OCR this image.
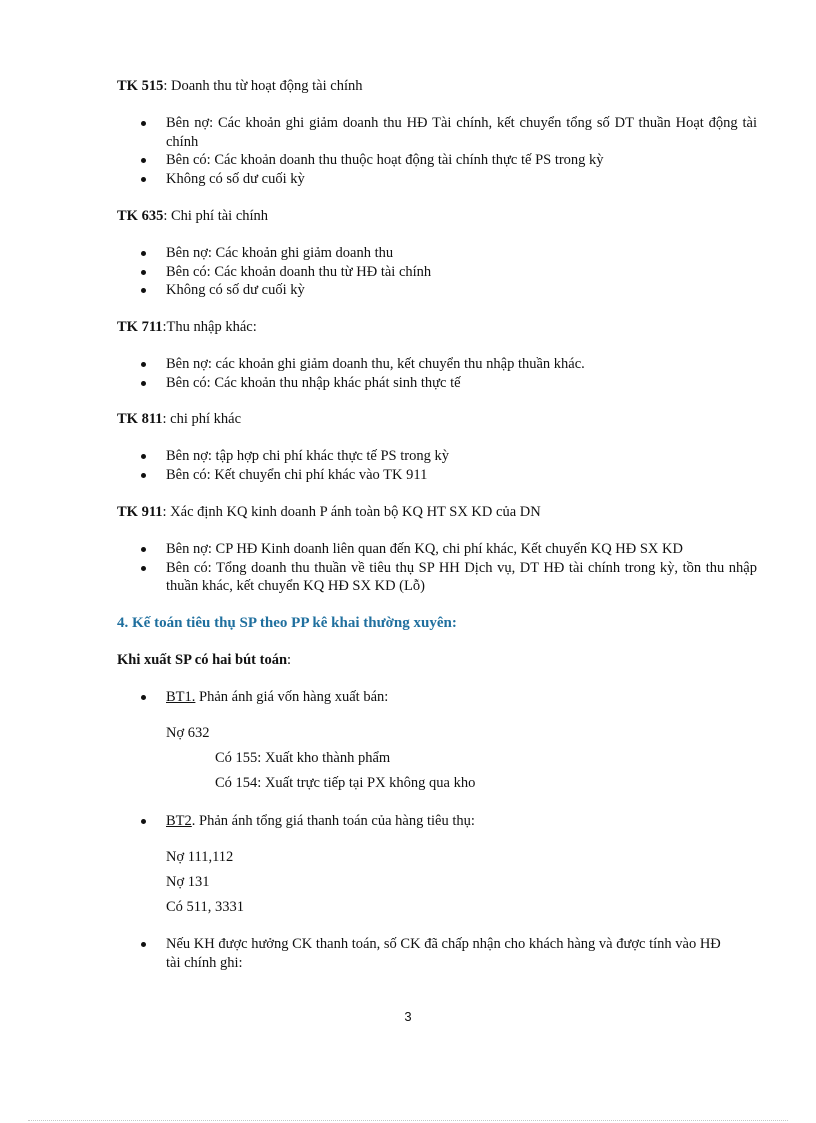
TK 515: Doanh thu từ hoạt động tài chính

Bên nợ: Các khoản ghi giảm doanh thu HĐ Tài chính, kết chuyển tổng số DT thuần Hoạt động tài chính
Bên có: Các khoản doanh thu thuộc hoạt động tài chính thực tế PS trong kỳ
Không có số dư cuối kỳ

TK 635: Chi phí tài chính

Bên nợ: Các khoản ghi giảm doanh thu
Bên có: Các khoản doanh thu từ HĐ tài chính
Không có số dư cuối kỳ

TK 711:Thu nhập khác:

Bên nợ: các khoản ghi giảm doanh thu, kết chuyển thu nhập thuần khác.
Bên có: Các khoản thu nhập khác phát sinh thực tế

TK 811: chi phí khác

Bên nợ: tập hợp chi phí khác thực tế PS trong kỳ
Bên có: Kết chuyển chi phí khác vào TK 911

TK 911: Xác định KQ kinh doanh P ánh toàn bộ KQ HT SX KD của DN

Bên nợ: CP HĐ Kinh doanh liên quan đến KQ, chi phí khác, Kết chuyển KQ HĐ SX KD
Bên có: Tổng doanh thu thuần về tiêu thụ SP HH Dịch vụ, DT HĐ tài chính trong kỳ, tồn thu nhập thuần khác, kết chuyển KQ HĐ SX KD (Lỗ)

4. Kế toán tiêu thụ SP theo PP kê khai thường xuyên:

Khi xuất SP có hai bút toán:

BT1. Phản ánh giá vốn hàng xuất bán:

Nợ 632

Có 155: Xuất kho thành phẩm

Có 154: Xuất trực tiếp tại PX không qua kho

BT2. Phản ánh tổng giá thanh toán của hàng tiêu thụ:

Nợ 111,112

Nợ 131

Có 511, 3331

Nếu KH được hưởng CK thanh toán, số CK đã chấp nhận cho khách hàng và được tính vào HĐ tài chính ghi:
3
